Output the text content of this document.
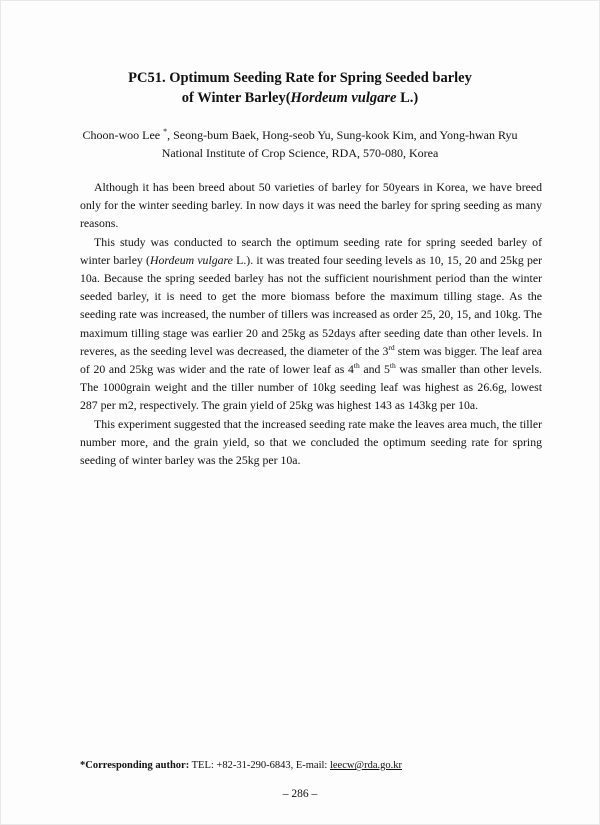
PC51. Optimum Seeding Rate for Spring Seeded barley
of Winter Barley(Hordeum vulgare L.)
Choon-woo Lee *, Seong-bum Baek, Hong-seob Yu, Sung-kook Kim, and Yong-hwan Ryu
National Institute of Crop Science, RDA, 570-080, Korea

Although it has been breed about 50 varieties of barley for 50years in Korea, we have breed only for the winter seeding barley. In now days it was need the barley for spring seeding as many reasons.

This study was conducted to search the optimum seeding rate for spring seeded barley of winter barley (Hordeum vulgare L.). it was treated four seeding levels as 10, 15, 20 and 25kg per 10a. Because the spring seeded barley has not the sufficient nourishment period than the winter seeded barley, it is need to get the more biomass before the maximum tilling stage. As the seeding rate was increased, the number of tillers was increased as order 25, 20, 15, and 10kg. The maximum tilling stage was earlier 20 and 25kg as 52days after seeding date than other levels. In reveres, as the seeding level was decreased, the diameter of the 3rd stem was bigger. The leaf area of 20 and 25kg was wider and the rate of lower leaf as 4th and 5th was smaller than other levels. The 1000grain weight and the tiller number of 10kg seeding leaf was highest as 26.6g, lowest 287 per m2, respectively. The grain yield of 25kg was highest 143 as 143kg per 10a.

This experiment suggested that the increased seeding rate make the leaves area much, the tiller number more, and the grain yield, so that we concluded the optimum seeding rate for spring seeding of winter barley was the 25kg per 10a.

*Corresponding author: TEL: +82-31-290-6843, E-mail: leecw@rda.go.kr
– 286 –
